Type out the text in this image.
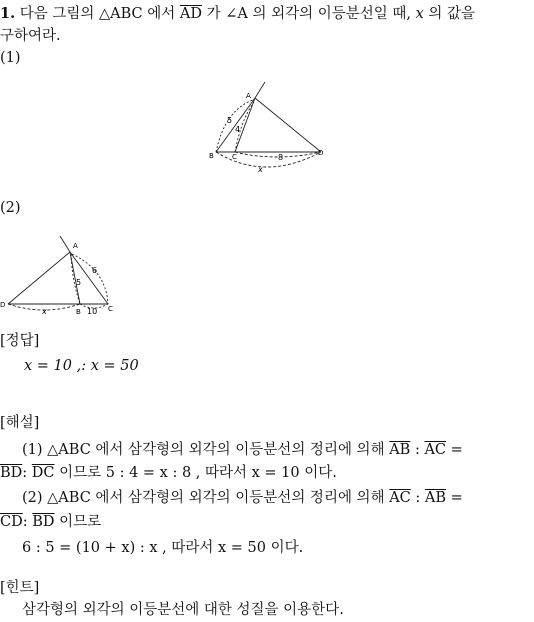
1. 다음 그림의 △ABC 에서 $\overline{AD}$ 가 ∠A 의 외각의 이등분선일 때, x 의 값을
구하여라.
(1)
A
B	C	D
5
4
8
x
(2)
A
D
B	C
6
5
10
x
[정답]
x = 10 ,: x = 50
[해설]
(1) △ABC 에서 삼각형의 외각의 이등분선의 정리에 의해 $\overline{AB}$ : $\overline{AC}$ =
$\overline{BD}$: $\overline{DC}$ 이므로 5 : 4 = x : 8 , 따라서 x = 10 이다.
(2) △ABC 에서 삼각형의 외각의 이등분선의 정리에 의해 $\overline{AC}$ : $\overline{AB}$ =
$\overline{CD}$: $\overline{BD}$ 이므로
6 : 5 = (10 + x) : x , 따라서 x = 50 이다.
[힌트]
삼각형의 외각의 이등분선에 대한 성질을 이용한다.
